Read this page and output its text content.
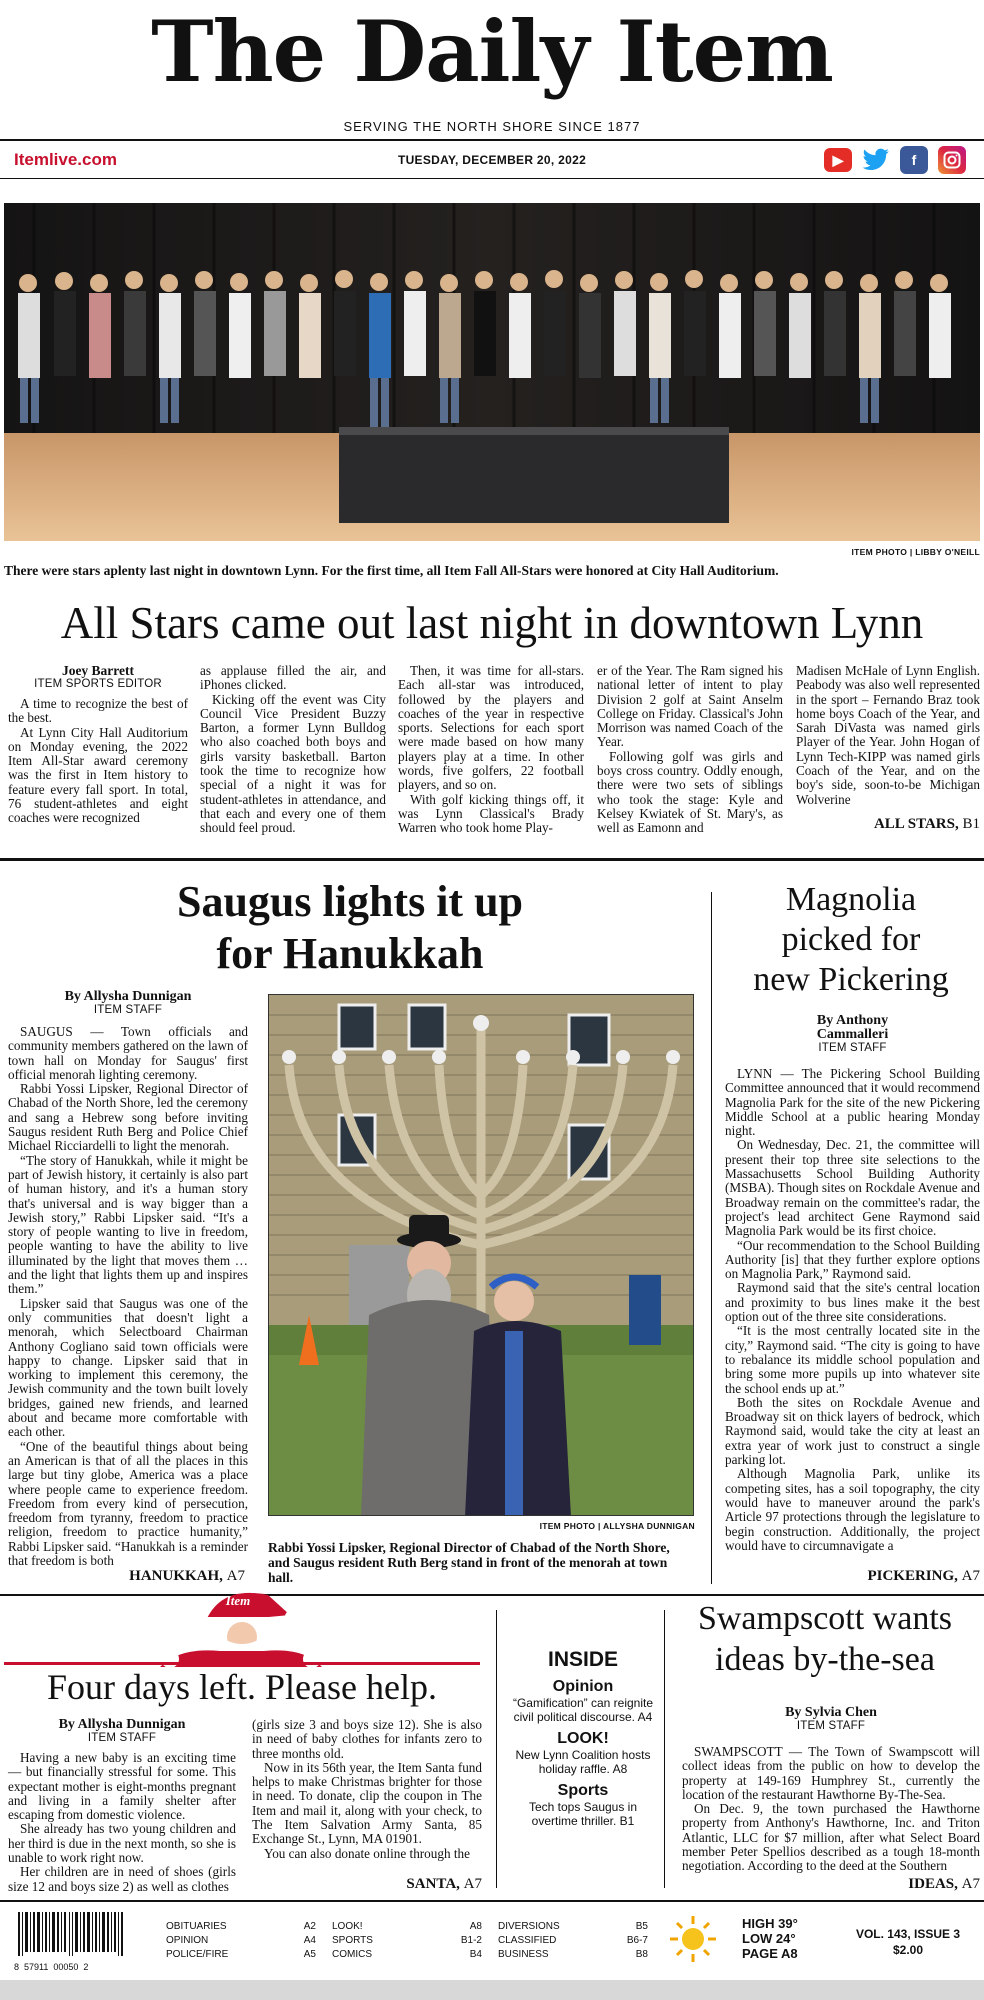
The Daily Item
SERVING THE NORTH SHORE SINCE 1877
Itemlive.com	TUESDAY, DECEMBER 20, 2022	▶	f
ITEM PHOTO | LIBBY O'NEILL
There were stars aplenty last night in downtown Lynn. For the first time, all Item Fall All-Stars were honored at City Hall Auditorium.
All Stars came out last night in downtown Lynn
Joey Barrett
ITEM SPORTS EDITOR

A time to recognize the best of the best.

At Lynn City Hall Auditorium on Monday evening, the 2022 Item All-Star award ceremony was the first in Item history to feature every fall sport. In total, 76 student-athletes and eight coaches were recognized

as applause filled the air, and iPhones clicked.

Kicking off the event was City Council Vice President Buzzy Barton, a former Lynn Bulldog who also coached both boys and girls varsity basketball. Barton took the time to recognize how special of a night it was for student-athletes in attendance, and that each and every one of them should feel proud.

Then, it was time for all-stars. Each all-star was introduced, followed by the players and coaches of the year in respective sports. Selections for each sport were made based on how many players play at a time. In other words, five golfers, 22 football players, and so on.

With golf kicking things off, it was Lynn Classical's Brady Warren who took home Play-

er of the Year. The Ram signed his national letter of intent to play Division 2 golf at Saint Anselm College on Friday. Classical's John Morrison was named Coach of the Year.

Following golf was girls and boys cross country. Oddly enough, there were two sets of siblings who took the stage: Kyle and Kelsey Kwiatek of St. Mary's, as well as Eamonn and

Madisen McHale of Lynn English. Peabody was also well represented in the sport – Fernando Braz took home boys Coach of the Year, and Sarah DiVasta was named girls Player of the Year. John Hogan of Lynn Tech-KIPP was named girls Coach of the Year, and on the boy's side, soon-to-be Michigan Wolverine

ALL STARS, B1
Saugus lights it up
for Hanukkah
By Allysha Dunnigan
ITEM STAFF

SAUGUS — Town officials and community members gathered on the lawn of town hall on Monday for Saugus' first official menorah lighting ceremony.

Rabbi Yossi Lipsker, Regional Director of Chabad of the North Shore, led the ceremony and sang a Hebrew song before inviting Saugus resident Ruth Berg and Police Chief Michael Ricciardelli to light the menorah.

“The story of Hanukkah, while it might be part of Jewish history, it certainly is also part of human history, and it's a human story that's universal and is way bigger than a Jewish story,” Rabbi Lipsker said. “It's a story of people wanting to live in freedom, people wanting to have the ability to live illuminated by the light that moves them … and the light that lights them up and inspires them.”

Lipsker said that Saugus was one of the only communities that doesn't light a menorah, which Selectboard Chairman Anthony Cogliano said town officials were happy to change. Lipsker said that in working to implement this ceremony, the Jewish community and the town built lovely bridges, gained new friends, and learned about and became more comfortable with each other.

“One of the beautiful things about being an American is that of all the places in this large but tiny globe, America was a place where people came to experience freedom. Freedom from every kind of persecution, freedom from tyranny, freedom to practice religion, freedom to practice humanity,” Rabbi Lipsker said. “Hanukkah is a reminder that freedom is both

ITEM PHOTO | ALLYSHA DUNNIGAN
Rabbi Yossi Lipsker, Regional Director of Chabad of the North Shore, and Saugus resident Ruth Berg stand in front of the menorah at town hall.
HANUKKAH, A7
Magnolia
picked for
new Pickering
By Anthony
Cammalleri
ITEM STAFF

LYNN — The Pickering School Building Committee announced that it would recommend Magnolia Park for the site of the new Pickering Middle School at a public hearing Monday night.

On Wednesday, Dec. 21, the committee will present their top three site selections to the Massachusetts School Building Authority (MSBA). Though sites on Rockdale Avenue and Broadway remain on the committee's radar, the project's lead architect Gene Raymond said Magnolia Park would be its first choice.

“Our recommendation to the School Building Authority [is] that they further explore options on Magnolia Park,” Raymond said.

Raymond said that the site's central location and proximity to bus lines make it the best option out of the three site considerations.

“It is the most centrally located site in the city,” Raymond said. “The city is going to have to rebalance its middle school population and bring some more pupils up into whatever site the school ends up at.”

Both the sites on Rockdale Avenue and Broadway sit on thick layers of bedrock, which Raymond said, would take the city at least an extra year of work just to construct a single parking lot.

Although Magnolia Park, unlike its competing sites, has a soil topography, the city would have to maneuver around the park's Article 97 protections through the legislature to begin construction. Additionally, the project would have to circumnavigate a

PICKERING, A7
Item
Four days left. Please help.
By Allysha Dunnigan
ITEM STAFF

Having a new baby is an exciting time — but financially stressful for some. This expectant mother is eight-months pregnant and living in a family shelter after escaping from domestic violence.

She already has two young children and her third is due in the next month, so she is unable to work right now.

Her children are in need of shoes (girls size 12 and boys size 2) as well as clothes

(girls size 3 and boys size 12). She is also in need of baby clothes for infants zero to three months old.

Now in its 56th year, the Item Santa fund helps to make Christmas brighter for those in need. To donate, clip the coupon in The Item and mail it, along with your check, to The Item Salvation Army Santa, 85 Exchange St., Lynn, MA 01901.

You can also donate online through the

SANTA, A7
INSIDE
Opinion

“Gamification” can reignite civil political discourse. A4

LOOK!

New Lynn Coalition hosts holiday raffle. A8

Sports

Tech tops Saugus in overtime thriller. B1

Swampscott wants
ideas by-the-sea
By Sylvia Chen
ITEM STAFF

SWAMPSCOTT — The Town of Swampscott will collect ideas from the public on how to develop the property at 149-169 Humphrey St., currently the location of the restaurant Hawthorne By-The-Sea.

On Dec. 9, the town purchased the Hawthorne property from Anthony's Hawthorne, Inc. and Triton Atlantic, LLC for $7 million, after what Select Board member Peter Spellios described as a tough 18-month negotiation. According to the deed at the Southern

IDEAS, A7
8  57911  00050  2
OBITUARIES	A2
OPINION	A4
POLICE/FIRE	A5
LOOK!	A8
SPORTS	B1-2
COMICS	B4
DIVERSIONS	B5
CLASSIFIED	B6-7
BUSINESS	B8
HIGH 39°
LOW 24°
PAGE A8
VOL. 143, ISSUE 3
$2.00
